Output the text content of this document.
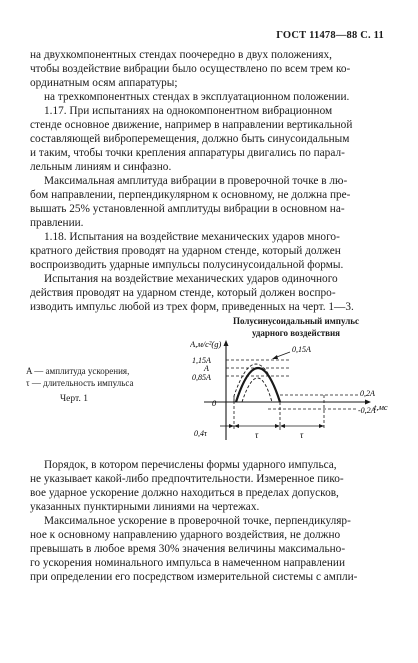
ГОСТ 11478—88 С. 11
на двухкомпонентных стендах поочередно в двух положениях,
чтобы воздействие вибрации было осуществлено по всем трем ко-
ординатным осям аппаратуры;
на трехкомпонентных стендах в эксплуатационном положении.
1.17. При испытаниях на однокомпонентном вибрационном
стенде основное движение, например в направлении вертикальной
составляющей виброперемещения, должно быть синусоидальным
и таким, чтобы точки крепления аппаратуры двигались по парал-
лельным линиям и синфазно.
Максимальная амплитуда вибрации в проверочной точке в лю-
бом направлении, перпендикулярном к основному, не должна пре-
вышать 25% установленной амплитуды вибрации в основном на-
правлении.
1.18. Испытания на воздействие механических ударов много-
кратного действия проводят на ударном стенде, который должен
воспроизводить ударные импульсы полусинусоидальной формы.
Испытания на воздействие механических ударов одиночного
действия проводят на ударном стенде, который должен воспро-
изводить импульс любой из трех форм, приведенных на черт. 1—3.
Полусинусоидальный импульс
ударного воздействия
A,м/с²(g)
1,15A
A
0,85A
0
0,15A
0,2A
-0,2A
t,мс
0,4τ	τ	τ
A — амплитуда ускорения,
τ — длительность импульса
Черт. 1
Порядок, в котором перечислены формы ударного импульса,
не указывает какой-либо предпочтительности. Измеренное пико-
вое ударное ускорение должно находиться в пределах допусков,
указанных пунктирными линиями на чертежах.
Максимальное ускорение в проверочной точке, перпендикуляр-
ное к основному направлению ударного воздействия, не должно
превышать в любое время 30% значения величины максимально-
го ускорения номинального импульса в намеченном направлении
при определении его посредством измерительной системы с ампли-
